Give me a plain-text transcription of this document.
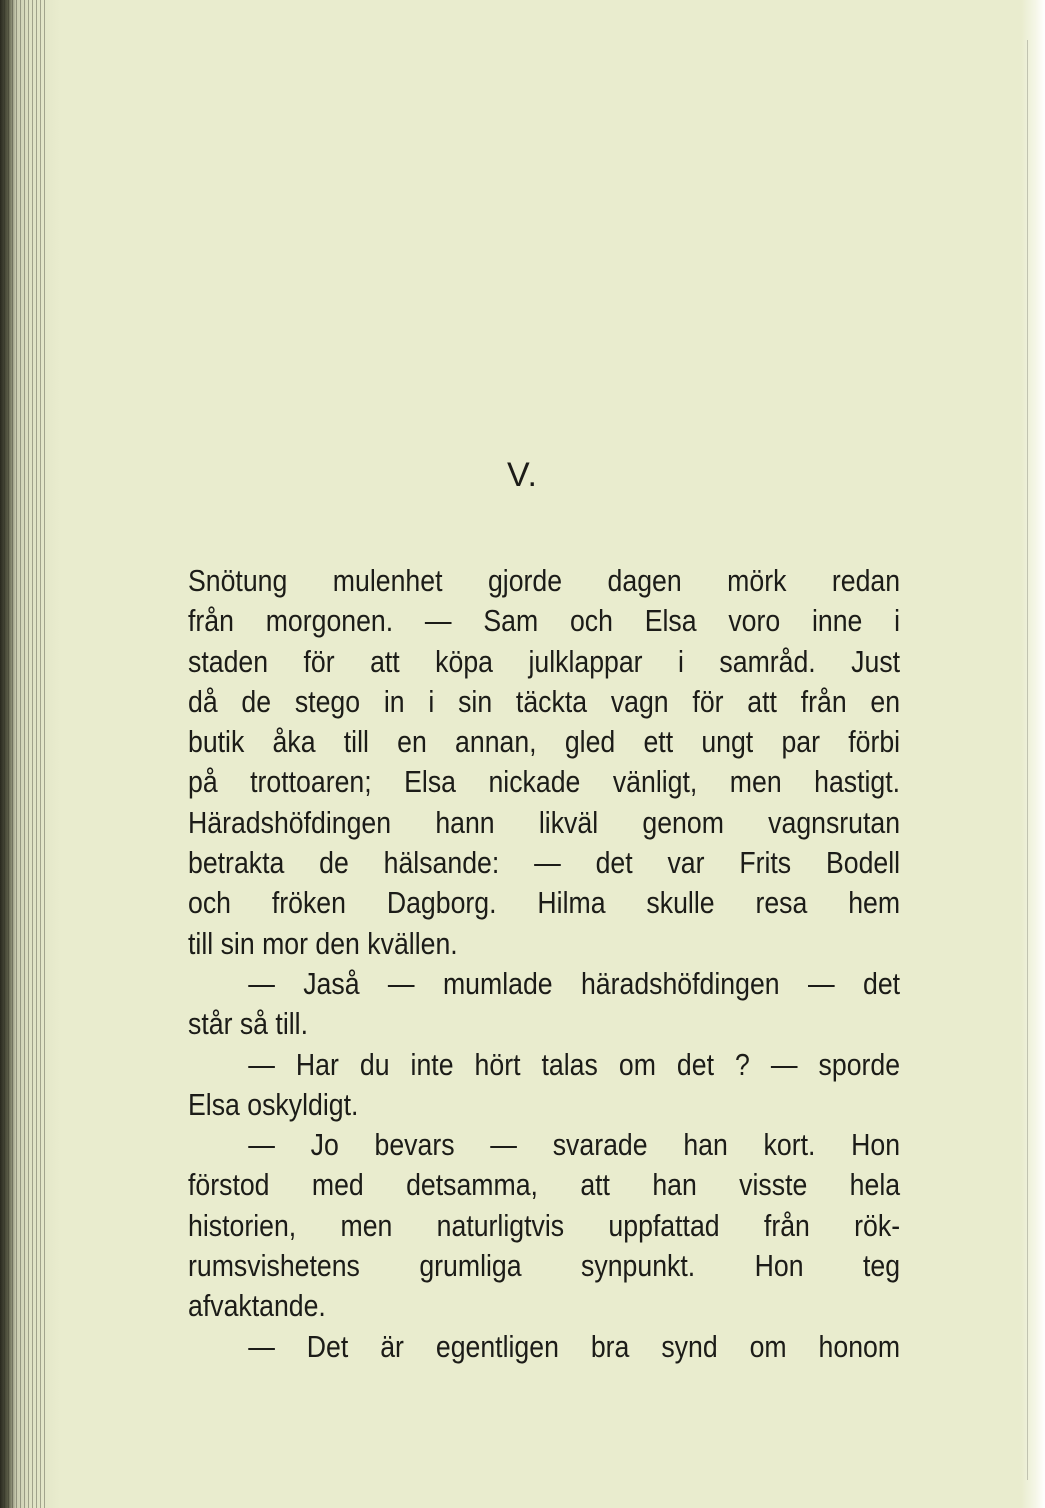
V.
Snötung mulenhet gjorde dagen mörk redan
från morgonen. — Sam och Elsa voro inne i
staden för att köpa julklappar i samråd. Just
då de stego in i sin täckta vagn för att från en
butik åka till en annan, gled ett ungt par förbi
på trottoaren; Elsa nickade vänligt, men hastigt.
Häradshöfdingen hann likväl genom vagnsrutan
betrakta de hälsande: — det var Frits Bodell
och fröken Dagborg. Hilma skulle resa hem
till sin mor den kvällen.
— Jaså — mumlade häradshöfdingen — det
står så till.
— Har du inte hört talas om det ? — sporde
Elsa oskyldigt.
— Jo bevars — svarade han kort. Hon
förstod med detsamma, att han visste hela
historien, men naturligtvis uppfattad från rök-
rumsvishetens grumliga synpunkt. Hon teg
afvaktande.
— Det är egentligen bra synd om honom
